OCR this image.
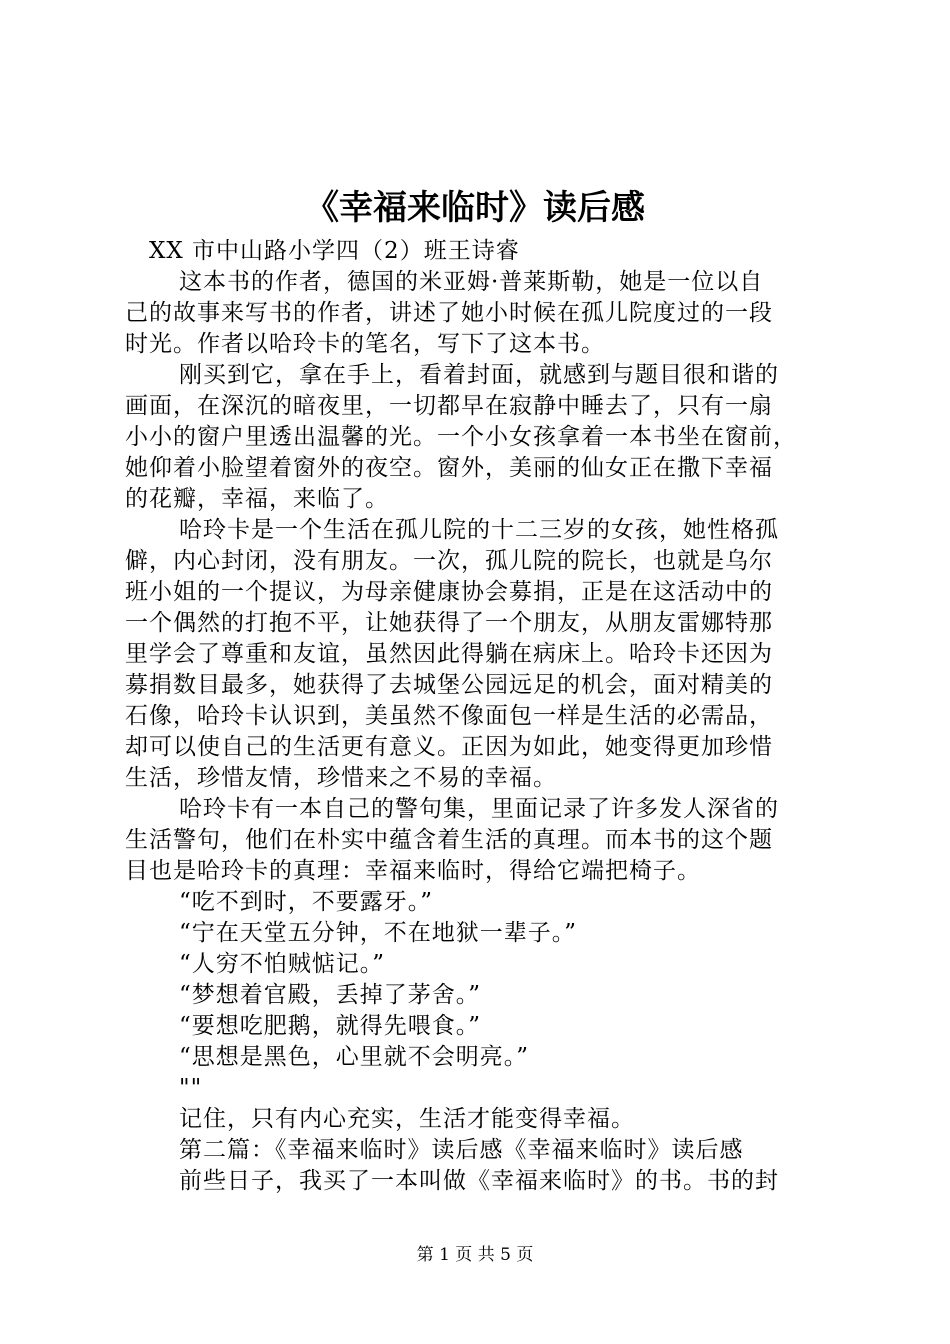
《幸福来临时》读后感
XX 市中山路小学四（2）班王诗睿
这本书的作者，德国的米亚姆·普莱斯勒，她是一位以自
己的故事来写书的作者，讲述了她小时候在孤儿院度过的一段
时光。作者以哈玲卡的笔名，写下了这本书。
刚买到它，拿在手上，看着封面，就感到与题目很和谐的
画面，在深沉的暗夜里，一切都早在寂静中睡去了，只有一扇
小小的窗户里透出温馨的光。一个小女孩拿着一本书坐在窗前，
她仰着小脸望着窗外的夜空。窗外，美丽的仙女正在撒下幸福
的花瓣，幸福，来临了。
哈玲卡是一个生活在孤儿院的十二三岁的女孩，她性格孤
僻，内心封闭，没有朋友。一次，孤儿院的院长，也就是乌尔
班小姐的一个提议，为母亲健康协会募捐，正是在这活动中的
一个偶然的打抱不平，让她获得了一个朋友，从朋友雷娜特那
里学会了尊重和友谊，虽然因此得躺在病床上。哈玲卡还因为
募捐数目最多，她获得了去城堡公园远足的机会，面对精美的
石像，哈玲卡认识到，美虽然不像面包一样是生活的必需品，
却可以使自己的生活更有意义。正因为如此，她变得更加珍惜
生活，珍惜友情，珍惜来之不易的幸福。
哈玲卡有一本自己的警句集，里面记录了许多发人深省的
生活警句，他们在朴实中蕴含着生活的真理。而本书的这个题
目也是哈玲卡的真理：幸福来临时，得给它端把椅子。
“吃不到时，不要露牙。”
“宁在天堂五分钟，不在地狱一辈子。”
“人穷不怕贼惦记。”
“梦想着官殿，丢掉了茅舍。”
“要想吃肥鹅，就得先喂食。”
“思想是黑色，心里就不会明亮。”
""
记住，只有内心充实，生活才能变得幸福。
第二篇：《幸福来临时》读后感《幸福来临时》读后感
前些日子，我买了一本叫做《幸福来临时》的书。书的封
第 1 页 共 5 页
